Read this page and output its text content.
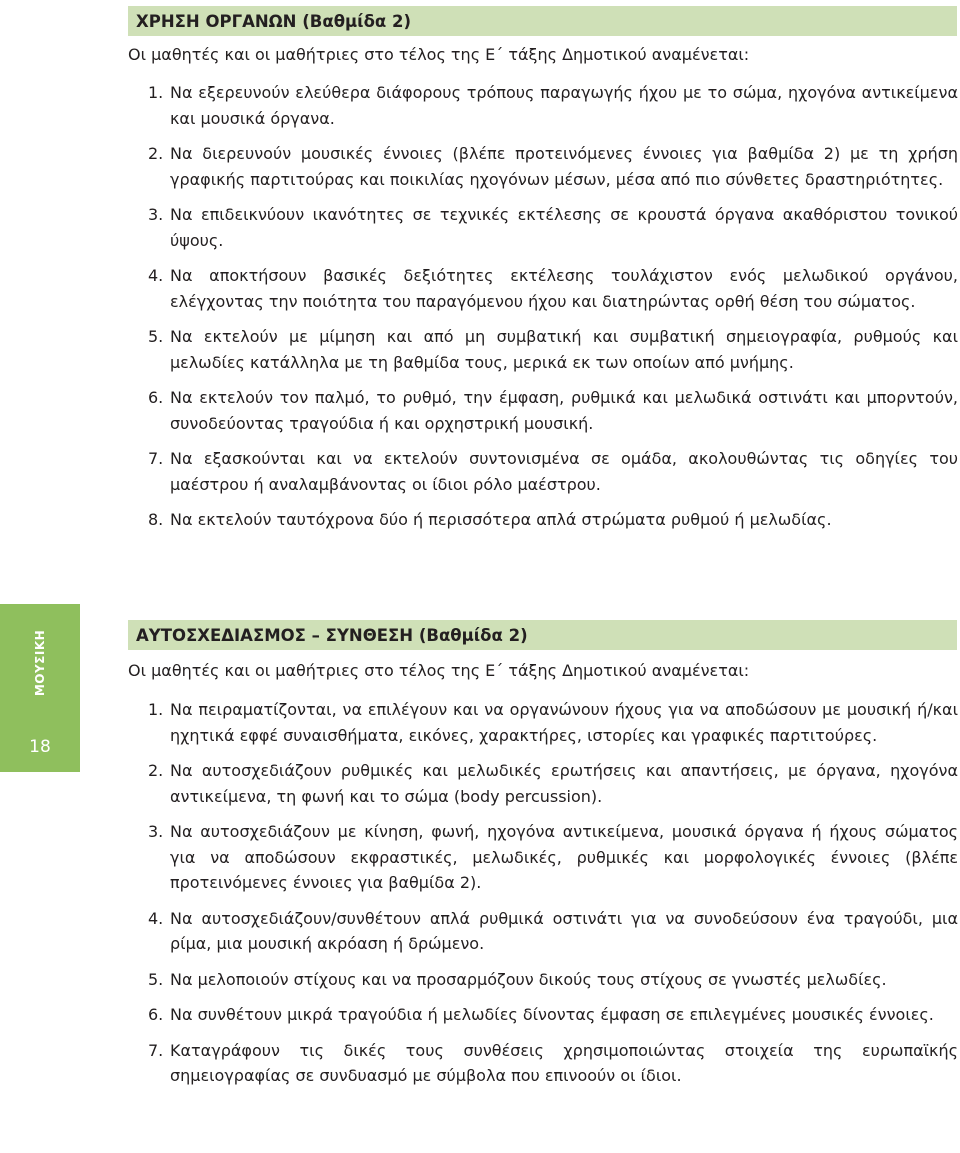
ΜΟΥΣΙΚΗ
18
ΧΡΗΣΗ ΟΡΓΑΝΩΝ (Βαθμίδα 2)
Οι μαθητές και οι μαθήτριες στο τέλος της Ε΄ τάξης Δημοτικού αναμένεται:
1. Να εξερευνούν ελεύθερα διάφορους τρόπους παραγωγής ήχου με το σώμα, ηχογόνα αντικείμενα και μουσικά όργανα.
2. Να διερευνούν μουσικές έννοιες (βλέπε προτεινόμενες έννοιες για βαθμίδα 2) με τη χρήση γραφικής παρτιτούρας και ποικιλίας ηχογόνων μέσων, μέσα από πιο σύνθετες δραστηριότητες.
3. Να επιδεικνύουν ικανότητες σε τεχνικές εκτέλεσης σε κρουστά όργανα ακαθόριστου τονικού ύψους.
4. Να αποκτήσουν βασικές δεξιότητες εκτέλεσης τουλάχιστον ενός μελωδικού οργάνου, ελέγχοντας την ποιότητα του παραγόμενου ήχου και διατηρώντας ορθή θέση του σώματος.
5. Να εκτελούν με μίμηση και από μη συμβατική και συμβατική σημειογραφία, ρυθμούς και μελωδίες κατάλληλα με τη βαθμίδα τους, μερικά εκ των οποίων από μνήμης.
6. Να εκτελούν τον παλμό, το ρυθμό, την έμφαση, ρυθμικά και μελωδικά οστινάτι και μπορντούν, συνοδεύοντας τραγούδια ή και ορχηστρική μουσική.
7. Να εξασκούνται και να εκτελούν συντονισμένα σε ομάδα, ακολουθώντας τις οδηγίες του μαέστρου ή αναλαμβάνοντας οι ίδιοι ρόλο μαέστρου.
8. Να εκτελούν ταυτόχρονα δύο ή περισσότερα απλά στρώματα ρυθμού ή μελωδίας.
ΑΥΤΟΣΧΕΔΙΑΣΜΟΣ – ΣΥΝΘΕΣΗ (Βαθμίδα 2)
Οι μαθητές και οι μαθήτριες στο τέλος της Ε΄ τάξης Δημοτικού αναμένεται:
1. Να πειραματίζονται, να επιλέγουν και να οργανώνουν ήχους για να αποδώσουν με μουσική ή/και ηχητικά εφφέ συναισθήματα, εικόνες, χαρακτήρες, ιστορίες και γραφικές παρτιτούρες.
2. Να αυτοσχεδιάζουν ρυθμικές και μελωδικές ερωτήσεις και απαντήσεις, με όργανα, ηχογόνα αντικείμενα, τη φωνή και το σώμα (body percussion).
3. Να αυτοσχεδιάζουν με κίνηση, φωνή, ηχογόνα αντικείμενα, μουσικά όργανα ή ήχους σώματος για να αποδώσουν εκφραστικές, μελωδικές, ρυθμικές και μορφολογικές έννοιες (βλέπε προτεινόμενες έννοιες για βαθμίδα 2).
4. Να αυτοσχεδιάζουν/συνθέτουν απλά ρυθμικά οστινάτι για να συνοδεύσουν ένα τραγούδι, μια ρίμα, μια μουσική ακρόαση ή δρώμενο.
5. Να μελοποιούν στίχους και να προσαρμόζουν δικούς τους στίχους σε γνωστές μελωδίες.
6. Να συνθέτουν μικρά τραγούδια ή μελωδίες δίνοντας έμφαση σε επιλεγμένες μουσικές έννοιες.
7. Καταγράφουν τις δικές τους συνθέσεις χρησιμοποιώντας στοιχεία της ευρωπαϊκής σημειογραφίας σε συνδυασμό με σύμβολα που επινοούν οι ίδιοι.
